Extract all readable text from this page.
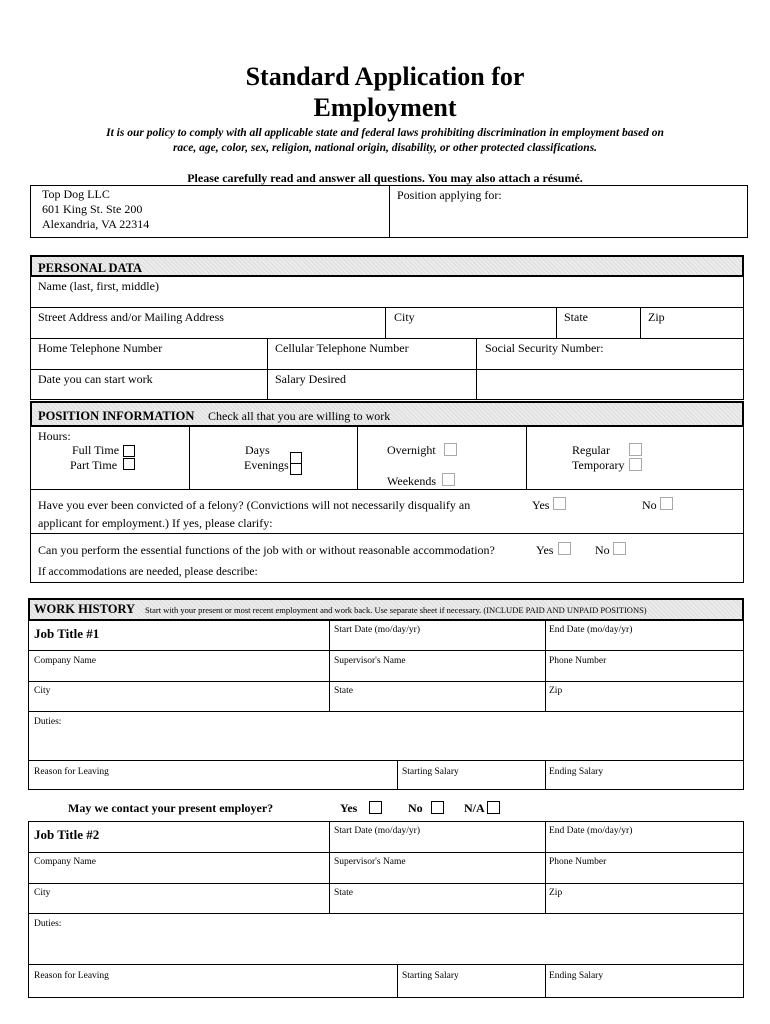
Standard Application for
Employment
It is our policy to comply with all applicable state and federal laws prohibiting discrimination in employment based on
race, age, color, sex, religion, national origin, disability, or other protected classifications.
Please carefully read and answer all questions. You may also attach a résumé.
Top Dog LLC
601 King St. Ste 200
Alexandria, VA 22314
Position applying for:
PERSONAL DATA
Name (last, first, middle)
Street Address and/or Mailing Address	City	State	Zip
Home Telephone Number	Cellular Telephone Number	Social Security Number:
Date you can start work	Salary Desired
POSITION INFORMATION Check all that you are willing to work
Hours:
Full Time
Part Time
Days
Evenings
Overnight
Weekends
Regular
Temporary
Have you ever been convicted of a felony? (Convictions will not necessarily disqualify an
applicant for employment.) If yes, please clarify:
Yes	No
Can you perform the essential functions of the job with or without reasonable accommodation?	Yes	No
If accommodations are needed, please describe:
WORK HISTORY Start with your present or most recent employment and work back. Use separate sheet if necessary. (INCLUDE PAID AND UNPAID POSITIONS)
Job Title #1	Start Date (mo/day/yr)	End Date (mo/day/yr)
Company Name	Supervisor's Name	Phone Number
City	State	Zip
Duties:
Reason for Leaving	Starting Salary	Ending Salary
May we contact your present employer?	Yes	No	N/A
Job Title #2	Start Date (mo/day/yr)	End Date (mo/day/yr)
Company Name	Supervisor's Name	Phone Number
City	State	Zip
Duties:
Reason for Leaving	Starting Salary	Ending Salary
